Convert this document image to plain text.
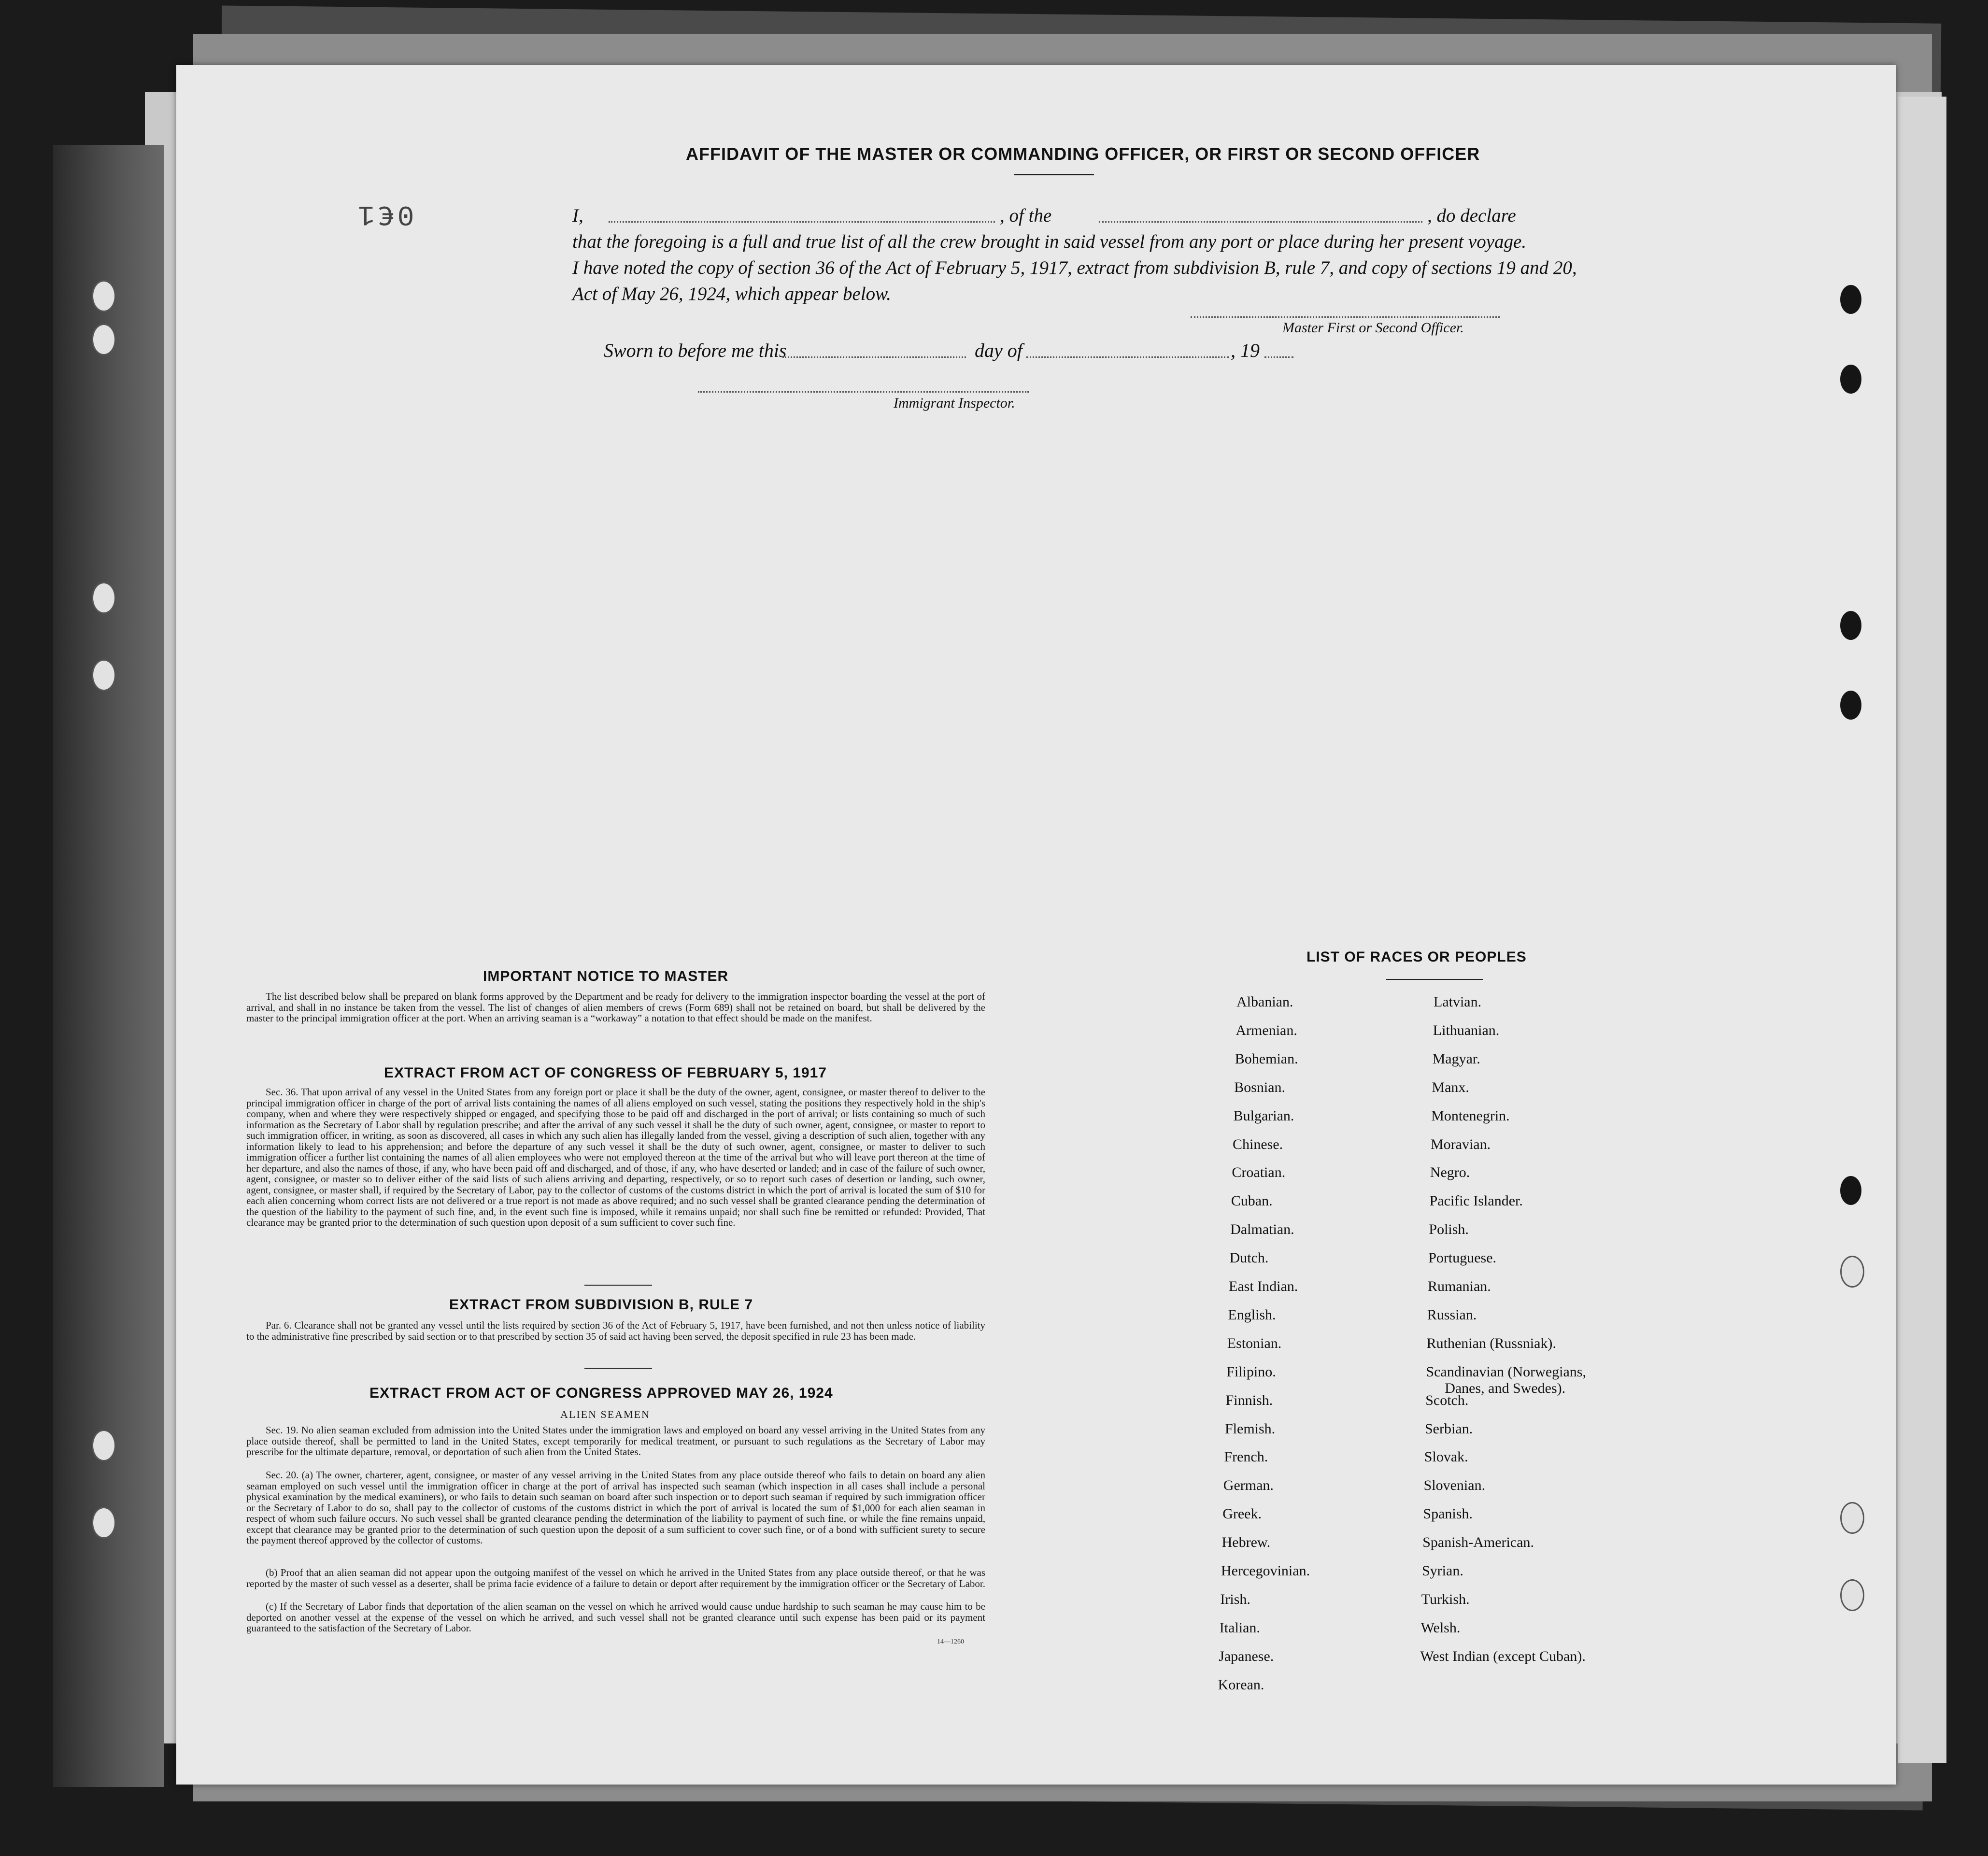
0€1
AFFIDAVIT OF THE MASTER OR COMMANDING OFFICER, OR FIRST OR SECOND OFFICER
I,	, of the	, do declare
that the foregoing is a full and true list of all the crew brought in said vessel from any port or place during her present voyage.
I have noted the copy of section 36 of the Act of February 5, 1917, extract from subdivision B, rule 7, and copy of sections 19 and 20,
Act of May 26, 1924, which appear below.
Master First or Second Officer.
Sworn to before me this	day of	, 19
Immigrant Inspector.
IMPORTANT NOTICE TO MASTER
The list described below shall be prepared on blank forms approved by the Department and be ready for delivery to the immigration inspector boarding the vessel at the port of arrival, and shall in no instance be taken from the vessel. The list of changes of alien members of crews (Form 689) shall not be retained on board, but shall be delivered by the master to the principal immigration officer at the port. When an arriving seaman is a “workaway” a notation to that effect should be made on the manifest.
EXTRACT FROM ACT OF CONGRESS OF FEBRUARY 5, 1917
Sec. 36. That upon arrival of any vessel in the United States from any foreign port or place it shall be the duty of the owner, agent, consignee, or master thereof to deliver to the principal immigration officer in charge of the port of arrival lists containing the names of all aliens employed on such vessel, stating the positions they respectively hold in the ship's company, when and where they were respectively shipped or engaged, and specifying those to be paid off and discharged in the port of arrival; or lists containing so much of such information as the Secretary of Labor shall by regulation prescribe; and after the arrival of any such vessel it shall be the duty of such owner, agent, consignee, or master to report to such immigration officer, in writing, as soon as discovered, all cases in which any such alien has illegally landed from the vessel, giving a description of such alien, together with any information likely to lead to his apprehension; and before the departure of any such vessel it shall be the duty of such owner, agent, consignee, or master to deliver to such immigration officer a further list containing the names of all alien employees who were not employed thereon at the time of the arrival but who will leave port thereon at the time of her departure, and also the names of those, if any, who have been paid off and discharged, and of those, if any, who have deserted or landed; and in case of the failure of such owner, agent, consignee, or master so to deliver either of the said lists of such aliens arriving and departing, respectively, or so to report such cases of desertion or landing, such owner, agent, consignee, or master shall, if required by the Secretary of Labor, pay to the collector of customs of the customs district in which the port of arrival is located the sum of $10 for each alien concerning whom correct lists are not delivered or a true report is not made as above required; and no such vessel shall be granted clearance pending the determination of the question of the liability to the payment of such fine, and, in the event such fine is imposed, while it remains unpaid; nor shall such fine be remitted or refunded: Provided, That clearance may be granted prior to the determination of such question upon deposit of a sum sufficient to cover such fine.
EXTRACT FROM SUBDIVISION B, RULE 7
Par. 6. Clearance shall not be granted any vessel until the lists required by section 36 of the Act of February 5, 1917, have been furnished, and not then unless notice of liability to the administrative fine prescribed by said section or to that prescribed by section 35 of said act having been served, the deposit specified in rule 23 has been made.
EXTRACT FROM ACT OF CONGRESS APPROVED MAY 26, 1924
ALIEN SEAMEN
Sec. 19. No alien seaman excluded from admission into the United States under the immigration laws and employed on board any vessel arriving in the United States from any place outside thereof, shall be permitted to land in the United States, except temporarily for medical treatment, or pursuant to such regulations as the Secretary of Labor may prescribe for the ultimate departure, removal, or deportation of such alien from the United States.
Sec. 20. (a) The owner, charterer, agent, consignee, or master of any vessel arriving in the United States from any place outside thereof who fails to detain on board any alien seaman employed on such vessel until the immigration officer in charge at the port of arrival has inspected such seaman (which inspection in all cases shall include a personal physical examination by the medical examiners), or who fails to detain such seaman on board after such inspection or to deport such seaman if required by such immigration officer or the Secretary of Labor to do so, shall pay to the collector of customs of the customs district in which the port of arrival is located the sum of $1,000 for each alien seaman in respect of whom such failure occurs. No such vessel shall be granted clearance pending the determination of the liability to payment of such fine, or while the fine remains unpaid, except that clearance may be granted prior to the determination of such question upon the deposit of a sum sufficient to cover such fine, or of a bond with sufficient surety to secure the payment thereof approved by the collector of customs.
(b) Proof that an alien seaman did not appear upon the outgoing manifest of the vessel on which he arrived in the United States from any place outside thereof, or that he was reported by the master of such vessel as a deserter, shall be prima facie evidence of a failure to detain or deport after requirement by the immigration officer or the Secretary of Labor.
(c) If the Secretary of Labor finds that deportation of the alien seaman on the vessel on which he arrived would cause undue hardship to such seaman he may cause him to be deported on another vessel at the expense of the vessel on which he arrived, and such vessel shall not be granted clearance until such expense has been paid or its payment guaranteed to the satisfaction of the Secretary of Labor.
14—1260
LIST OF RACES OR PEOPLES
Albanian.
Armenian.
Bohemian.
Bosnian.
Bulgarian.
Chinese.
Croatian.
Cuban.
Dalmatian.
Dutch.
East Indian.
English.
Estonian.
Filipino.
Finnish.
Flemish.
French.
German.
Greek.
Hebrew.
Hercegovinian.
Irish.
Italian.
Japanese.
Korean.
Latvian.
Lithuanian.
Magyar.
Manx.
Montenegrin.
Moravian.
Negro.
Pacific Islander.
Polish.
Portuguese.
Rumanian.
Russian.
Ruthenian (Russniak).
Scandinavian (Norwegians,
Danes, and Swedes).
Scotch.
Serbian.
Slovak.
Slovenian.
Spanish.
Spanish-American.
Syrian.
Turkish.
Welsh.
West Indian (except Cuban).
